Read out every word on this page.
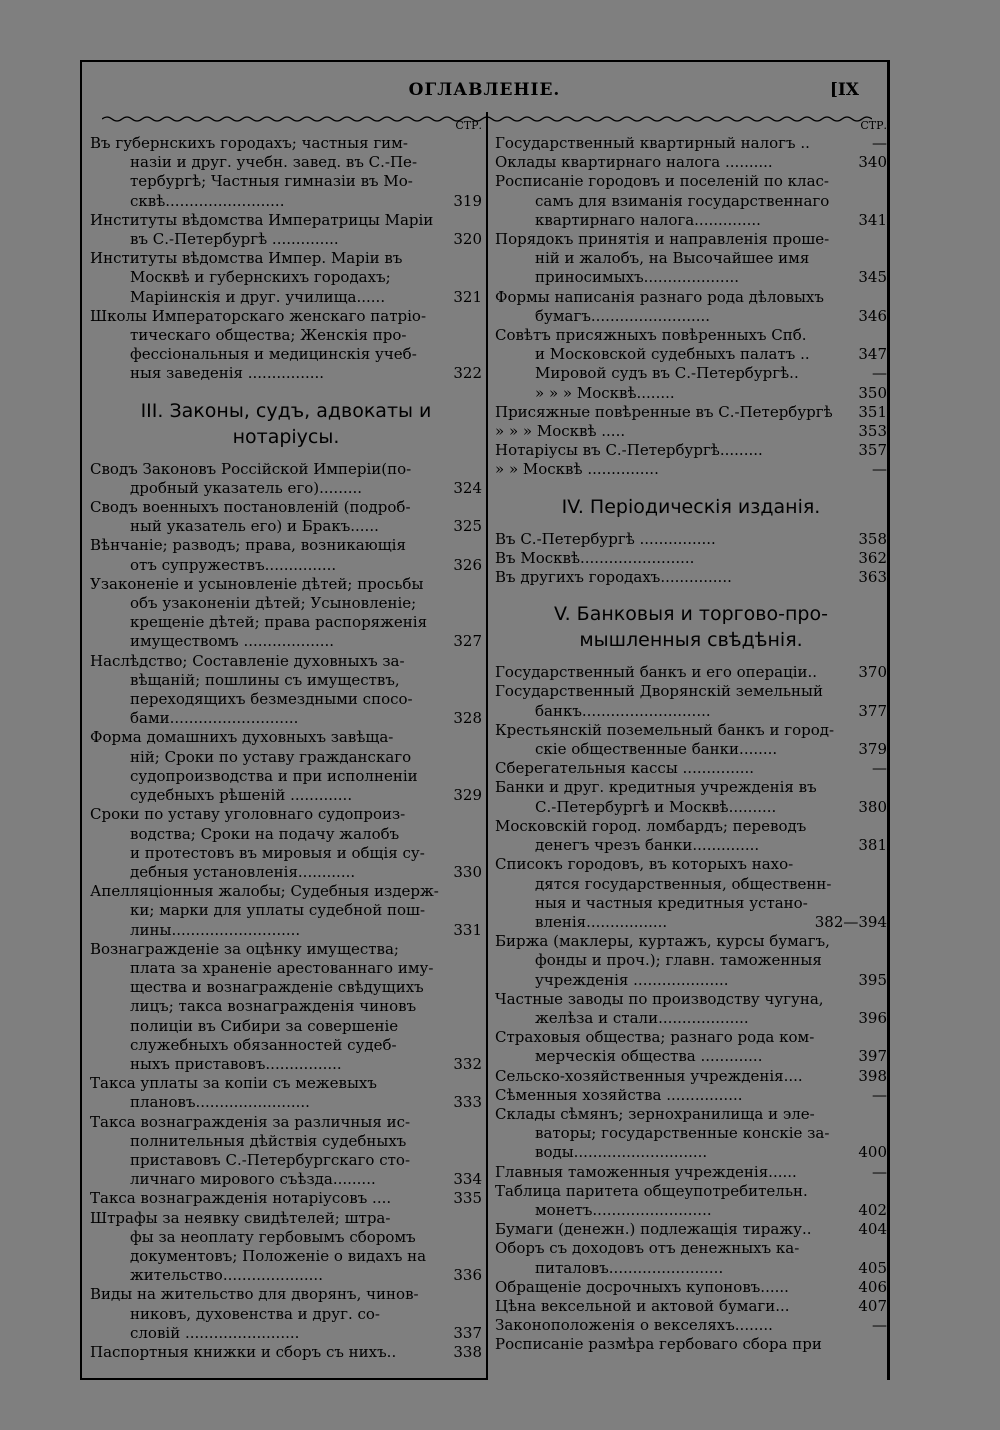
ОГЛАВЛЕНІЕ.	[IX
СТР.
Въ губернскихъ городахъ; частныя гим-
назіи и друг. учебн. завед. въ С.-Пе-
тербургѣ; Частныя гимназіи въ Мо-
сквѣ.........................	319
Институты вѣдомства Императрицы Маріи
въ С.-Петербургѣ ..............	320
Институты вѣдомства Импер. Маріи въ
Москвѣ и губернскихъ городахъ;
Маріинскія и друг. училища......	321
Школы Императорскаго женскаго патріо-
тическаго общества; Женскія про-
фессіональныя и медицинскія учеб-
ныя заведенія ................	322
III. Законы, судъ, адвокаты и
нотаріусы.
Сводъ Законовъ Россійской Имперіи(по-
дробный указатель его).........	324
Сводъ военныхъ постановленій (подроб-
ный указатель его) и Бракъ......	325
Вѣнчаніе; разводъ; права, возникающія
отъ супружествъ...............	326
Узаконеніе и усыновленіе дѣтей; просьбы
объ узаконеніи дѣтей; Усыновленіе;
крещеніе дѣтей; права распоряженія
имуществомъ ...................	327
Наслѣдство; Составленіе духовныхъ за-
вѣщаній; пошлины съ имуществъ,
переходящихъ безмездными спосо-
бами...........................	328
Форма домашнихъ духовныхъ завѣща-
ній; Сроки по уставу гражданскаго
судопроизводства и при исполненіи
судебныхъ рѣшеній .............	329
Сроки по уставу уголовнаго судопроиз-
водства; Сроки на подачу жалобъ
и протестовъ въ мировыя и общія су-
дебныя установленія............	330
Апелляціонныя жалобы; Судебныя издерж-
ки; марки для уплаты судебной пош-
лины...........................	331
Вознагражденіе за оцѣнку имущества;
плата за храненіе арестованнаго иму-
щества и вознагражденіе свѣдущихъ
лицъ; такса вознагражденія чиновъ
полиціи въ Сибири за совершеніе
служебныхъ обязанностей судеб-
ныхъ приставовъ................	332
Такса уплаты за копіи съ межевыхъ
плановъ........................	333
Такса вознагражденія за различныя ис-
полнительныя дѣйствія судебныхъ
приставовъ С.-Петербургскаго сто-
личнаго мирового съѣзда.........	334
Такса вознагражденія нотаріусовъ ....	335
Штрафы за неявку свидѣтелей; штра-
фы за неоплату гербовымъ сборомъ
документовъ; Положеніе о видахъ на
жительство.....................	336
Виды на жительство для дворянъ, чинов-
никовъ, духовенства и друг. со-
словій ........................	337
Паспортныя книжки и сборъ съ нихъ..	338
СТР.
Государственный квартирный налогъ ..	—
Оклады квартирнаго налога ..........	340
Росписаніе городовъ и поселеній по клас-
самъ для взиманія государственнаго
квартирнаго налога..............	341
Порядокъ принятія и направленія проше-
ній и жалобъ, на Высочайшее имя
приносимыхъ....................	345
Формы написанія разнаго рода дѣловыхъ
бумагъ.........................	346
Совѣтъ присяжныхъ повѣренныхъ Спб.
и Московской судебныхъ палатъ ..	347
Мировой судъ въ С.-Петербургѣ..	—
» » » Москвѣ........	350
Присяжные повѣренные въ С.-Петербургѣ	351
» » » Москвѣ .....	353
Нотаріусы въ С.-Петербургѣ.........	357
» » Москвѣ ...............	—
IV. Періодическія изданія.
Въ С.-Петербургѣ ................	358
Въ Москвѣ........................	362
Въ другихъ городахъ...............	363
V. Банковыя и торгово-про-
мышленныя свѣдѣнія.
Государственный банкъ и его операціи..	370
Государственный Дворянскій земельный
банкъ...........................	377
Крестьянскій поземельный банкъ и город-
скіе общественные банки........	379
Сберегательныя кассы ...............	—
Банки и друг. кредитныя учрежденія въ
С.-Петербургѣ и Москвѣ..........	380
Московскій город. ломбардъ; переводъ
денегъ чрезъ банки..............	381
Списокъ городовъ, въ которыхъ нахо-
дятся государственныя, общественн-
ныя и частныя кредитныя устано-
вленія.................	382—394
Биржа (маклеры, куртажъ, курсы бумагъ,
фонды и проч.); главн. таможенныя
учрежденія ....................	395
Частные заводы по производству чугуна,
желѣза и стали...................	396
Страховыя общества; разнаго рода ком-
мерческія общества .............	397
Сельско-хозяйственныя учрежденія....	398
Сѣменныя хозяйства ................	—
Склады сѣмянъ; зернохранилища и эле-
ваторы; государственные конскіе за-
воды............................	400
Главныя таможенныя учрежденія......	—
Таблица паритета общеупотребительн.
монетъ.........................	402
Бумаги (денежн.) подлежащія тиражу..	404
Оборъ съ доходовъ отъ денежныхъ ка-
питаловъ........................	405
Обращеніе досрочныхъ купоновъ......	406
Цѣна вексельной и актовой бумаги...	407
Законоположенія о векселяхъ........	—
Росписаніе размѣра гербоваго сбора при
